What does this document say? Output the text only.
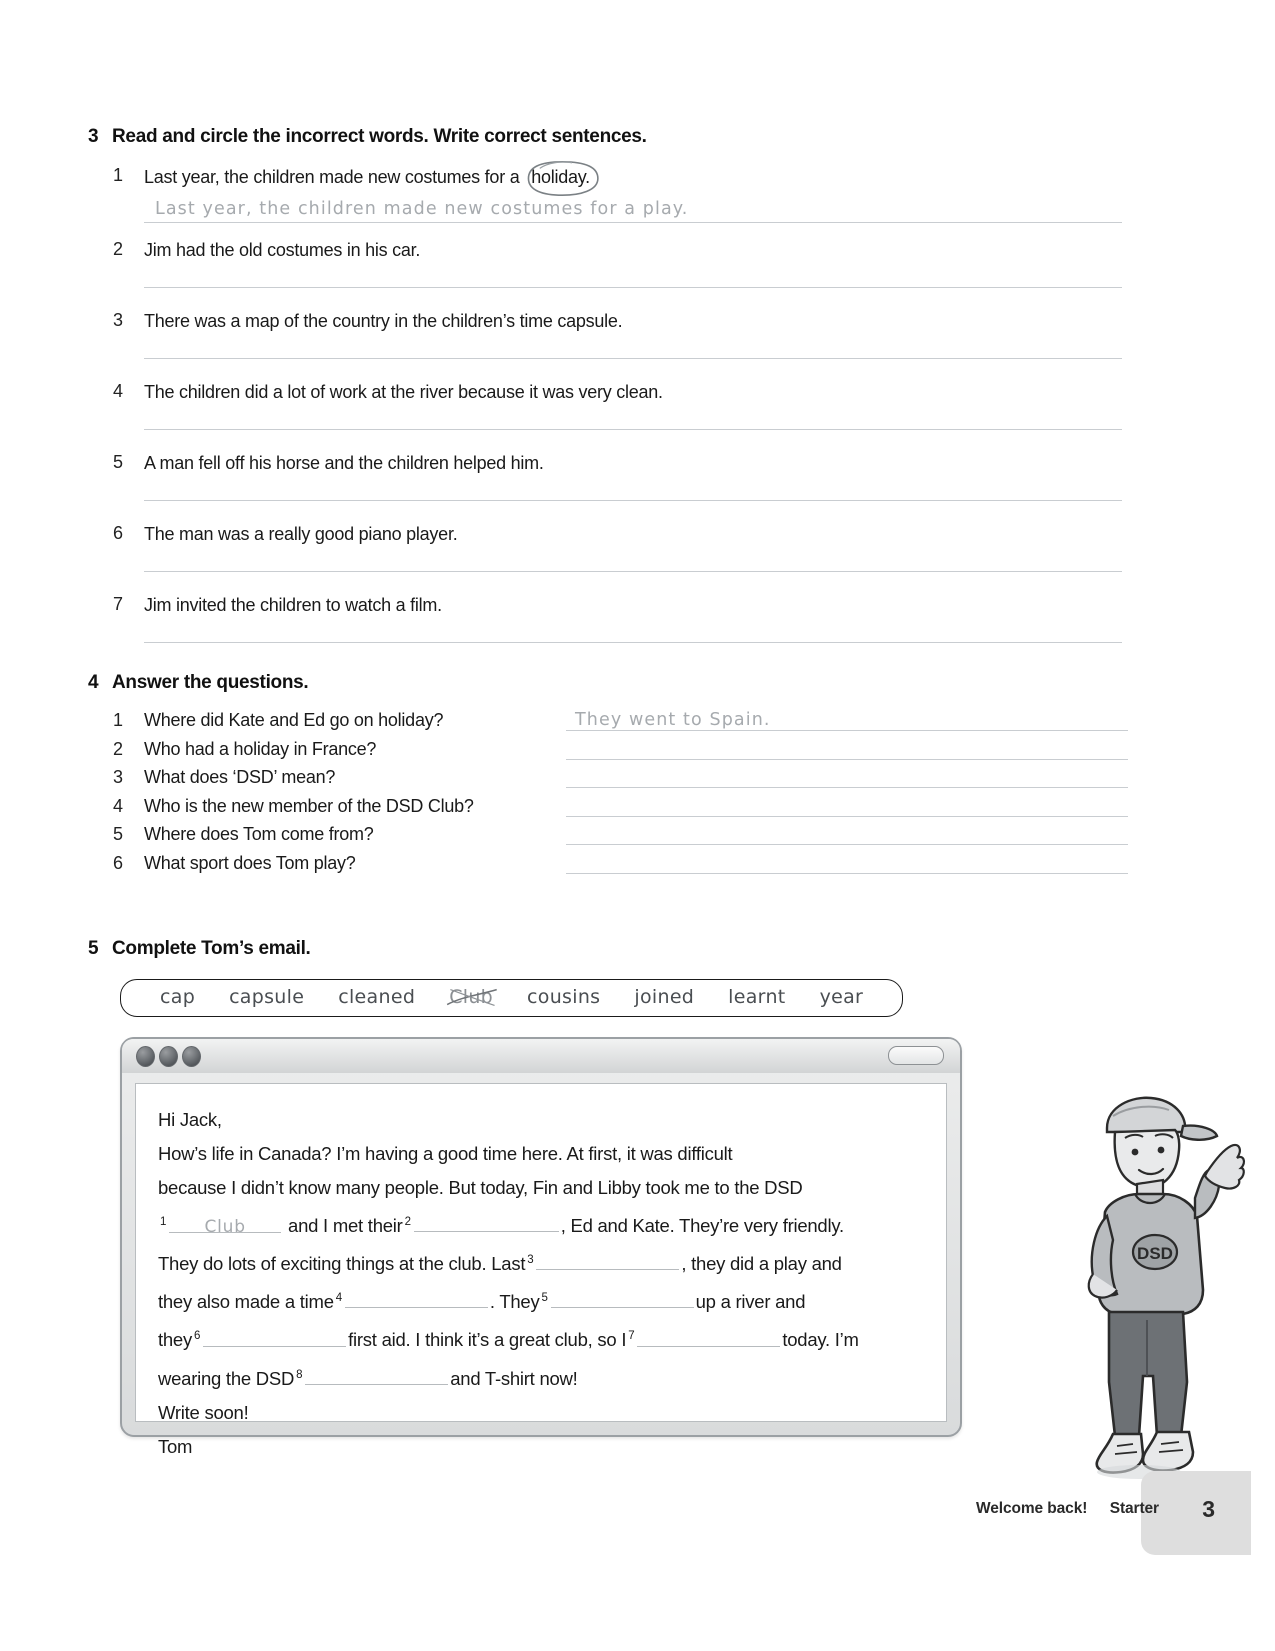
3 Read and circle the incorrect words. Write correct sentences.
1	Last year, the children made new costumes for a holiday.
Last year, the children made new costumes for a play.
2	Jim had the old costumes in his car.
3	There was a map of the country in the children’s time capsule.
4	The children did a lot of work at the river because it was very clean.
5	A man fell off his horse and the children helped him.
6	The man was a really good piano player.
7	Jim invited the children to watch a film.
4 Answer the questions.
1	Where did Kate and Ed go on holiday?	They went to Spain.
2	Who had a holiday in France?
3	What does ‘DSD’ mean?
4	Who is the new member of the DSD Club?
5	Where does Tom come from?
6	What sport does Tom play?
5 Complete Tom’s email.
cap capsule cleaned Club cousins joined learnt year
Hi Jack,
How’s life in Canada? I’m having a good time here. At first, it was difficult
because I didn’t know many people. But today, Fin and Libby took me to the DSD
$^1$ Club and I met their $^2$	, Ed and Kate. They’re very friendly.
They do lots of exciting things at the club. Last $^3$	, they did a play and
they also made a time $^4$	. They $^5$	up a river and
they $^6$	first aid. I think it’s a great club, so I $^7$	today. I’m
wearing the DSD $^8$	and T-shirt now!
Write soon!
Tom
DSD
3
Welcome back! Starter
